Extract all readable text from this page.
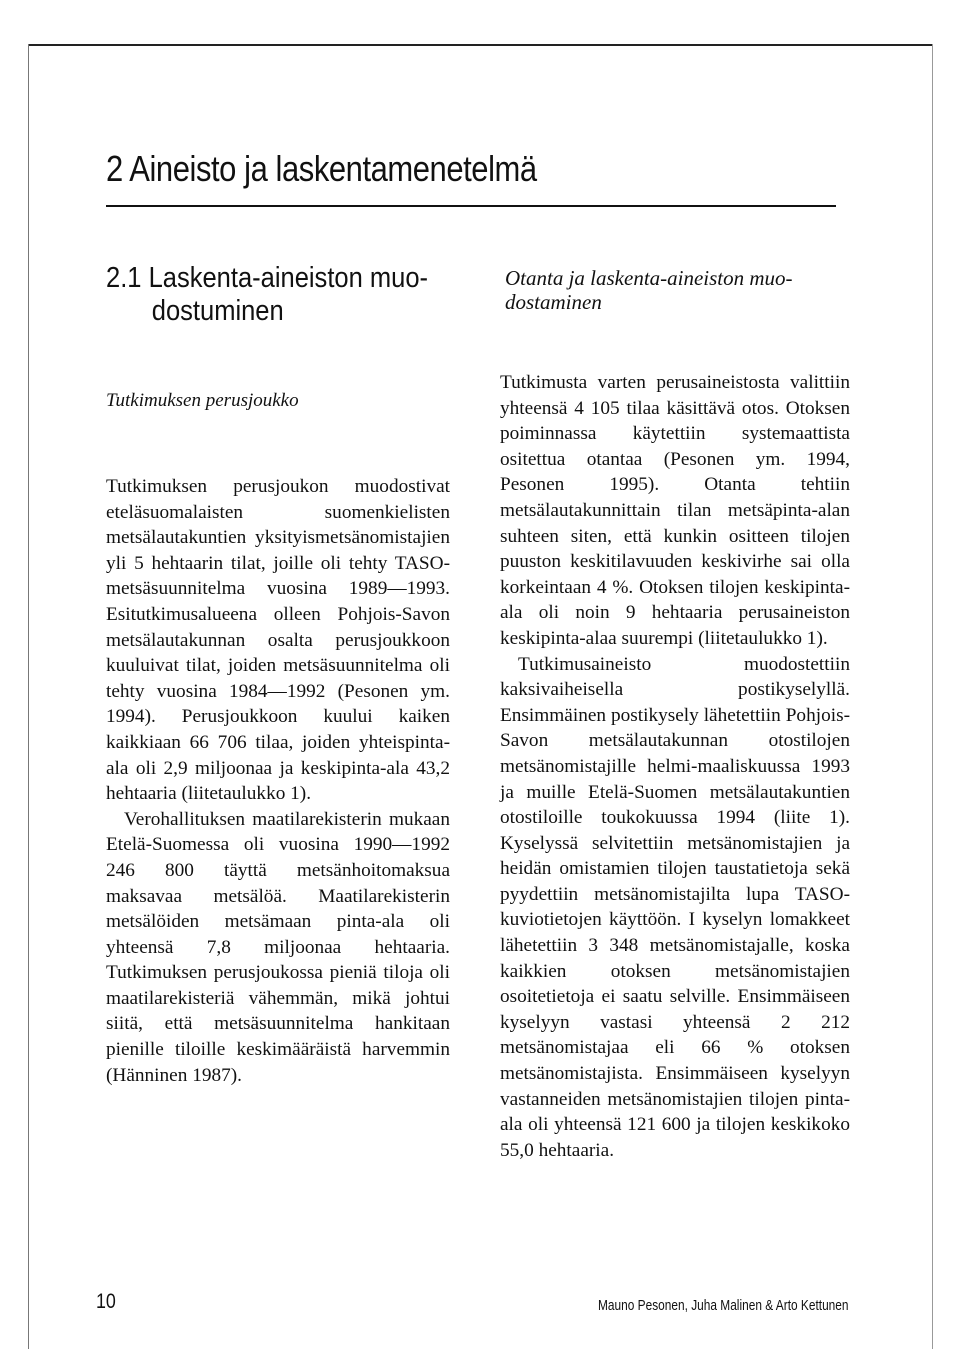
2 Aineisto ja laskentamenetelmä
2.1 Laskenta-aineiston muo-
dostuminen

Otanta ja laskenta-aineiston muo-dostaminen

Tutkimuksen perusjoukko

Tutkimuksen perusjoukon muodostivat eteläsuomalaisten suomenkielisten metsälautakuntien yksityismetsänomistajien yli 5 hehtaarin tilat, joille oli tehty TASO-metsäsuunnitelma vuosina 1989—1993. Esitutkimusalueena olleen Pohjois-Savon metsälautakunnan osalta perusjoukkoon kuuluivat tilat, joiden metsäsuunnitelma oli tehty vuosina 1984—1992 (Pesonen ym. 1994). Perusjoukkoon kuului kaiken kaikkiaan 66 706 tilaa, joiden yhteispinta-ala oli 2,9 miljoonaa ja keskipinta-ala 43,2 hehtaaria (liitetaulukko 1).

Verohallituksen maatilarekisterin mukaan Etelä-Suomessa oli vuosina 1990—1992 246 800 täyttä metsänhoitomaksua maksavaa metsälöä. Maatilarekisterin metsälöiden metsämaan pinta-ala oli yhteensä 7,8 miljoonaa hehtaaria. Tutkimuksen perusjoukossa pieniä tiloja oli maatilarekisteriä vähemmän, mikä johtui siitä, että metsäsuunnitelma hankitaan pienille tiloille keskimääräistä harvemmin (Hänninen 1987).

Tutkimusta varten perusaineistosta valittiin yhteensä 4 105 tilaa käsittävä otos. Otoksen poiminnassa käytettiin systemaattista ositettua otantaa (Pesonen ym. 1994, Pesonen 1995). Otanta tehtiin metsälautakunnittain tilan metsäpinta-alan suhteen siten, että kunkin ositteen tilojen puuston keskitilavuuden keskivirhe sai olla korkeintaan 4 %. Otoksen tilojen keskipinta-ala oli noin 9 hehtaaria perusaineiston keskipinta-alaa suurempi (liitetaulukko 1).

Tutkimusaineisto muodostettiin kaksivaiheisella postikyselyllä. Ensimmäinen postikysely lähetettiin Pohjois-Savon metsälautakunnan otostilojen metsänomistajille helmi-maaliskuussa 1993 ja muille Etelä-Suomen metsälautakuntien otostiloille toukokuussa 1994 (liite 1). Kyselyssä selvitettiin metsänomistajien ja heidän omistamien tilojen taustatietoja sekä pyydettiin metsänomistajilta lupa TASO-kuviotietojen käyttöön. I kyselyn lomakkeet lähetettiin 3 348 metsänomistajalle, koska kaikkien otoksen metsänomistajien osoitetietoja ei saatu selville. Ensimmäiseen kyselyyn vastasi yhteensä 2 212 metsänomistajaa eli 66 % otoksen metsänomistajista. Ensimmäiseen kyselyyn vastanneiden metsänomistajien tilojen pinta-ala oli yhteensä 121 600 ja tilojen keskikoko 55,0 hehtaaria.

10	Mauno Pesonen, Juha Malinen & Arto Kettunen
